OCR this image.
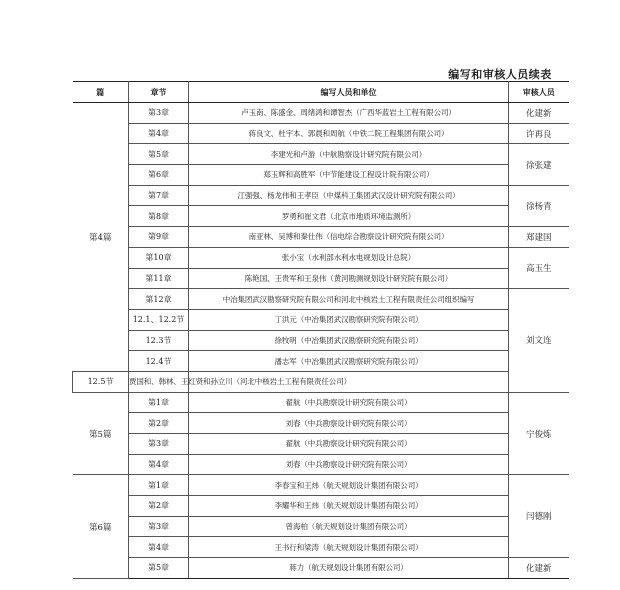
编写和审核人员续表
篇	章节	编写人员和单位	审核人员
第4篇	第3章	卢玉南、陈盛金、周绪鸿和谭智杰（广西华蓝岩土工程有限公司）	化建新
	第4章	蒋良文、杜宇本、郭晨和周航（中铁二院工程集团有限公司）	许再良
	第5章	李建光和卢游（中航勘察设计研究院有限公司）	徐张建
	第6章	郑玉辉和高胜军（中节能建设工程设计院有限公司）	
	第7章	江强强、杨龙伟和王孝臣（中煤科工集团武汉设计研究院有限公司）	徐杨青
	第8章	罗勇和崔文君（北京市地质环境监测所）	
	第9章	南亚林、吴博和秦仕伟（信电综合勘察设计研究院有限公司）	郑建国
	第10章	张小宝（水利部水利水电规划设计总院）	高玉生
	第11章	陈艳国、王贵军和王泉伟（黄河勘测规划设计研究院有限公司）	
	第12章	中冶集团武汉勘察研究院有限公司和河北中核岩土工程有限责任公司组织编写	刘文连
	12.1、12.2节	丁洪元（中冶集团武汉勘察研究院有限公司）	
	12.3节	徐牧明（中冶集团武汉勘察研究院有限公司）	
	12.4节	潘志军（中冶集团武汉勘察研究院有限公司）	
12.5节	贾国和、韩林、王红贤和孙立川（河北中核岩土工程有限责任公司）		
第5篇	第1章	翟航（中兵勘察设计研究院有限公司）	宁俊炼
	第2章	刘春（中兵勘察设计研究院有限公司）	
	第3章	翟航（中兵勘察设计研究院有限公司）	
	第4章	刘春（中兵勘察设计研究院有限公司）	
第6篇	第1章	李春宝和王炜（航天规划设计集团有限公司）	闫德刚
	第2章	李耀华和王炜（航天规划设计集团有限公司）	
	第3章	曾海柏（航天规划设计集团有限公司）	
	第4章	王书行和梁涛（航天规划设计集团有限公司）	
	第5章	蒋力（航天规划设计集团有限公司）	化建新
